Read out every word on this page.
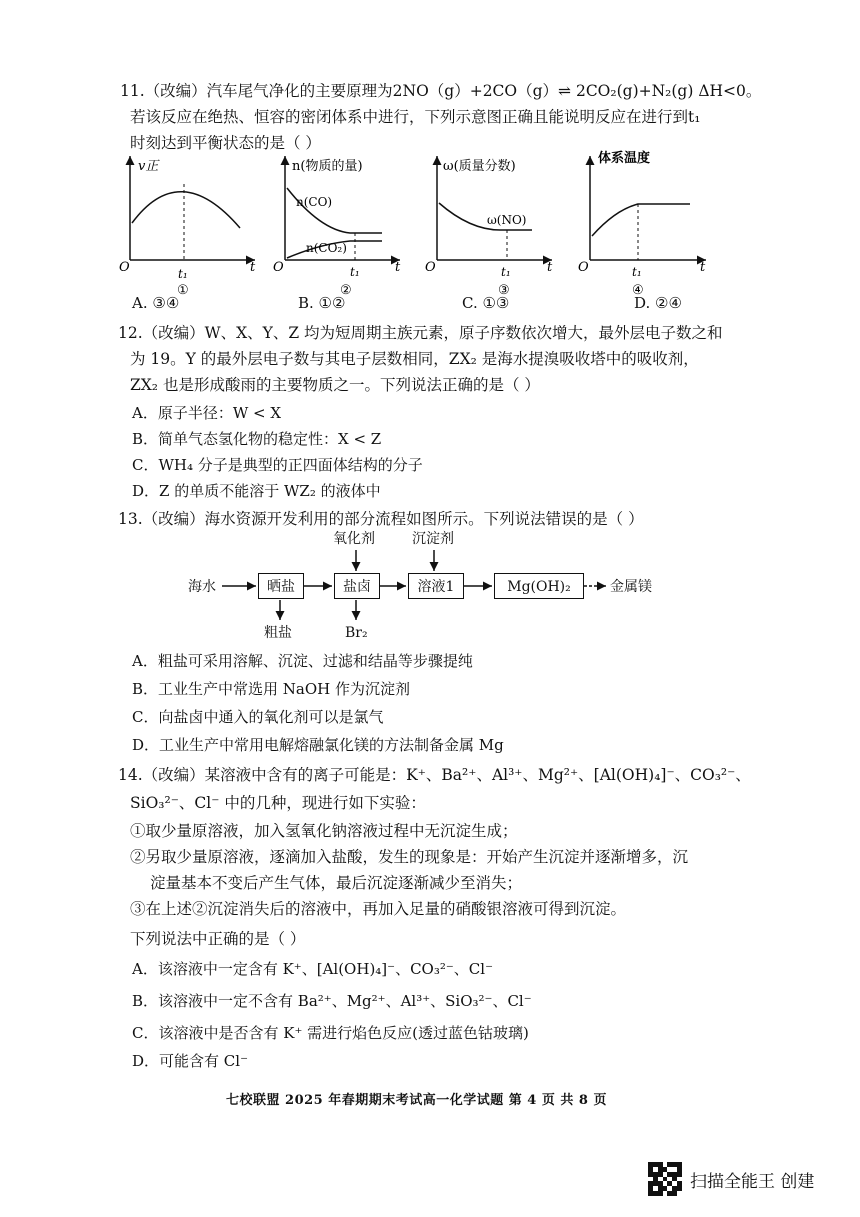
11.（改编）汽车尾气净化的主要原理为2NO（g）+2CO（g）⇌ 2CO₂(g)+N₂(g) ΔH<0。
若该反应在绝热、恒容的密闭体系中进行，下列示意图正确且能说明反应在进行到t₁
时刻达到平衡状态的是（ ）
v正
O	t
t₁
①
n(物质的量)
n(CO)
n(CO₂)
O	t
t₁
②
ω(质量分数)
ω(NO)
O	t
t₁
③
体系温度
O	t
t₁
④
A. ③④	B. ①②	C. ①③	D. ②④
12.（改编）W、X、Y、Z 均为短周期主族元素，原子序数依次增大，最外层电子数之和
为 19。Y 的最外层电子数与其电子层数相同，ZX₂ 是海水提溴吸收塔中的吸收剂，
ZX₂ 也是形成酸雨的主要物质之一。下列说法正确的是（ ）
A．原子半径：W < X
B．简单气态氢化物的稳定性：X < Z
C．WH₄ 分子是典型的正四面体结构的分子
D．Z 的单质不能溶于 WZ₂ 的液体中
13.（改编）海水资源开发利用的部分流程如图所示。下列说法错误的是（ ）
氧化剂	沉淀剂
海水	晒盐	盐卤	溶液1	Mg(OH)₂	金属镁
粗盐	Br₂
A．粗盐可采用溶解、沉淀、过滤和结晶等步骤提纯
B．工业生产中常选用 NaOH 作为沉淀剂
C．向盐卤中通入的氧化剂可以是氯气
D．工业生产中常用电解熔融氯化镁的方法制备金属 Mg
14.（改编）某溶液中含有的离子可能是：K⁺、Ba²⁺、Al³⁺、Mg²⁺、[Al(OH)₄]⁻、CO₃²⁻、
SiO₃²⁻、Cl⁻ 中的几种，现进行如下实验：
①取少量原溶液，加入氢氧化钠溶液过程中无沉淀生成；
②另取少量原溶液，逐滴加入盐酸，发生的现象是：开始产生沉淀并逐渐增多，沉
淀量基本不变后产生气体，最后沉淀逐渐减少至消失；
③在上述②沉淀消失后的溶液中，再加入足量的硝酸银溶液可得到沉淀。
下列说法中正确的是（ ）
A．该溶液中一定含有 K⁺、[Al(OH)₄]⁻、CO₃²⁻、Cl⁻
B．该溶液中一定不含有 Ba²⁺、Mg²⁺、Al³⁺、SiO₃²⁻、Cl⁻
C．该溶液中是否含有 K⁺ 需进行焰色反应(透过蓝色钴玻璃)
D．可能含有 Cl⁻
七校联盟 2025 年春期期末考试高一化学试题 第 4 页 共 8 页
扫描全能王 创建
